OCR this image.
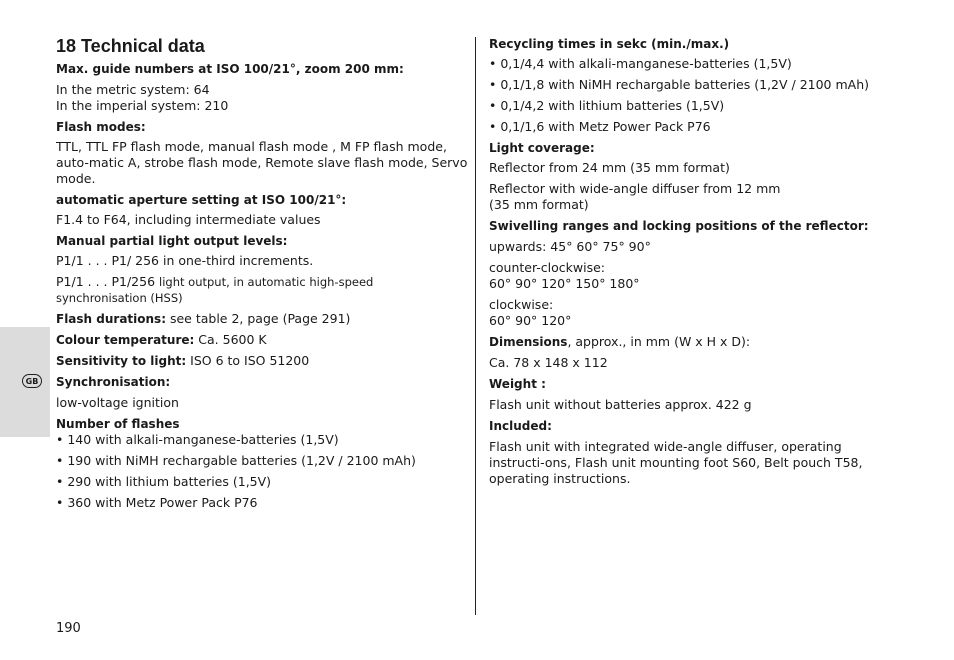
GB
18 Technical data
Max. guide numbers at ISO 100/21°, zoom 200 mm:
In the metric system: 64
In the imperial system: 210
Flash modes:
TTL, TTL FP flash mode, manual flash mode , M FP flash mode, auto-matic A, strobe flash mode, Remote slave flash mode, Servo mode.
automatic aperture setting at ISO 100/21°:
F1.4 to F64, including intermediate values
Manual partial light output levels:
P1/1 . . . P1/ 256 in one-third increments.
P1/1 . . . P1/256 light output, in automatic high-speed synchronisation (HSS)
Flash durations: see table 2, page (Page 291)
Colour temperature: Ca. 5600 K
Sensitivity to light: ISO 6 to ISO 51200
Synchronisation:
low-voltage ignition
Number of flashes
• 140 with alkali-manganese-batteries (1,5V)
• 190 with NiMH rechargable batteries (1,2V / 2100 mAh)
• 290 with lithium batteries (1,5V)
• 360 with Metz Power Pack P76
Recycling times in sekc (min./max.)
• 0,1/4,4 with alkali-manganese-batteries (1,5V)
• 0,1/1,8 with NiMH rechargable batteries (1,2V / 2100 mAh)
• 0,1/4,2 with lithium batteries (1,5V)
• 0,1/1,6 with Metz Power Pack P76
Light coverage:
Reflector from 24 mm (35 mm format)
Reflector with wide-angle diffuser from 12 mm
(35 mm format)
Swivelling ranges and locking positions of the reflector:
upwards: 45° 60° 75° 90°
counter-clockwise:
60° 90° 120° 150° 180°
clockwise:
60° 90° 120°
Dimensions, approx., in mm (W x H x D):
Ca. 78 x 148 x 112
Weight :
Flash unit without batteries approx. 422 g
Included:
Flash unit with integrated wide-angle diffuser, operating instructi-ons, Flash unit mounting foot S60, Belt pouch T58, operating instructions.
190
